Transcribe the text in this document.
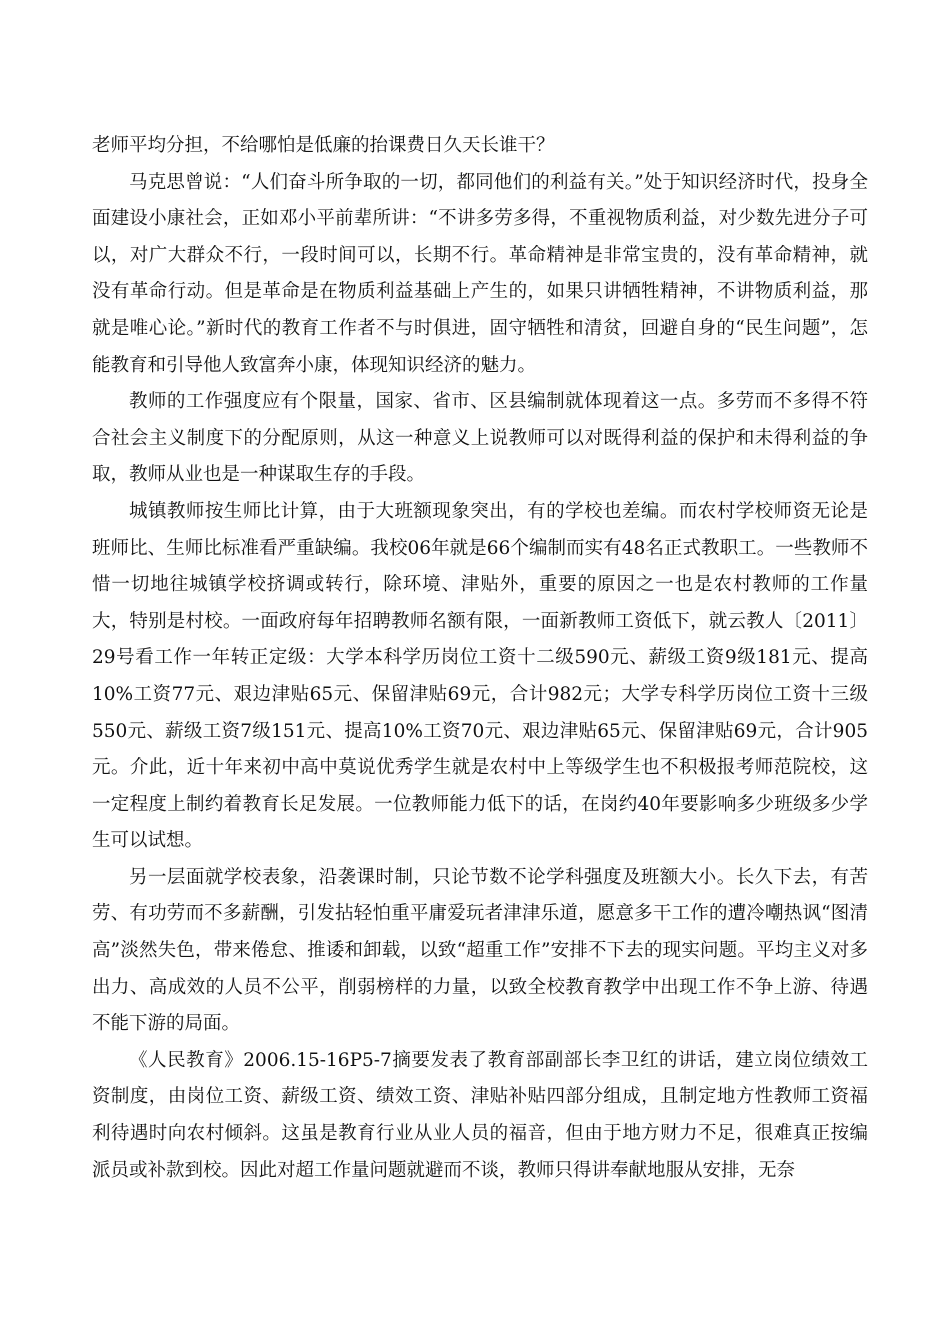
老师平均分担，不给哪怕是低廉的抬课费日久天长谁干？

马克思曾说：“人们奋斗所争取的一切，都同他们的利益有关。”处于知识经济时代，投身全面建设小康社会，正如邓小平前辈所讲：“不讲多劳多得，不重视物质利益，对少数先进分子可以，对广大群众不行，一段时间可以，长期不行。革命精神是非常宝贵的，没有革命精神，就没有革命行动。但是革命是在物质利益基础上产生的，如果只讲牺牲精神，不讲物质利益，那就是唯心论。”新时代的教育工作者不与时俱进，固守牺牲和清贫，回避自身的“民生问题”，怎能教育和引导他人致富奔小康，体现知识经济的魅力。

教师的工作强度应有个限量，国家、省市、区县编制就体现着这一点。多劳而不多得不符合社会主义制度下的分配原则，从这一种意义上说教师可以对既得利益的保护和未得利益的争取，教师从业也是一种谋取生存的手段。

城镇教师按生师比计算，由于大班额现象突出，有的学校也差编。而农村学校师资无论是班师比、生师比标准看严重缺编。我校06年就是66个编制而实有48名正式教职工。一些教师不惜一切地往城镇学校挤调或转行，除环境、津贴外，重要的原因之一也是农村教师的工作量大，特别是村校。一面政府每年招聘教师名额有限，一面新教师工资低下，就云教人〔2011〕29号看工作一年转正定级：大学本科学历岗位工资十二级590元、薪级工资9级181元、提高10%工资77元、艰边津贴65元、保留津贴69元，合计982元；大学专科学历岗位工资十三级550元、薪级工资7级151元、提高10%工资70元、艰边津贴65元、保留津贴69元，合计905元。介此，近十年来初中高中莫说优秀学生就是农村中上等级学生也不积极报考师范院校，这一定程度上制约着教育长足发展。一位教师能力低下的话，在岗约40年要影响多少班级多少学生可以试想。

另一层面就学校表象，沿袭课时制，只论节数不论学科强度及班额大小。长久下去，有苦劳、有功劳而不多薪酬，引发拈轻怕重平庸爱玩者津津乐道，愿意多干工作的遭冷嘲热讽“图清高”淡然失色，带来倦怠、推诿和卸载，以致“超重工作”安排不下去的现实问题。平均主义对多出力、高成效的人员不公平，削弱榜样的力量，以致全校教育教学中出现工作不争上游、待遇不能下游的局面。

《人民教育》2006.15-16P5-7摘要发表了教育部副部长李卫红的讲话，建立岗位绩效工资制度，由岗位工资、薪级工资、绩效工资、津贴补贴四部分组成，且制定地方性教师工资福利待遇时向农村倾斜。这虽是教育行业从业人员的福音，但由于地方财力不足，很难真正按编派员或补款到校。因此对超工作量问题就避而不谈，教师只得讲奉献地服从安排，无奈
